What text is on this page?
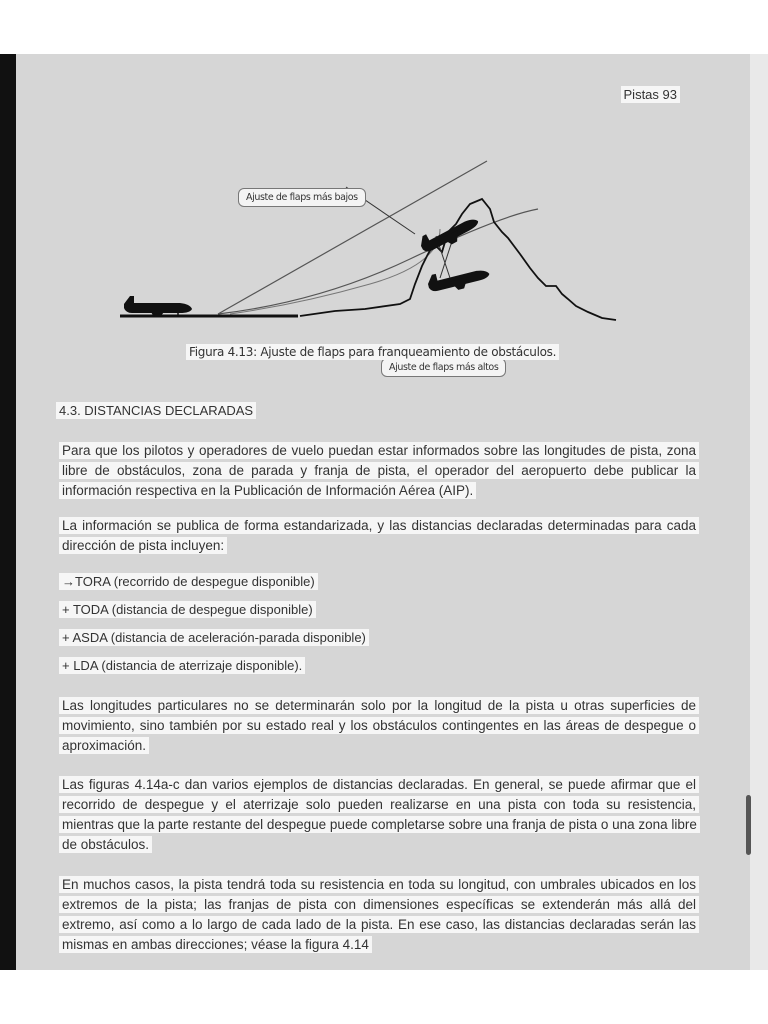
Pistas 93
Ajuste de flaps más bajos
Ajuste de flaps más altos
Figura 4.13: Ajuste de flaps para franqueamiento de obstáculos.
4.3. DISTANCIAS DECLARADAS
Para que los pilotos y operadores de vuelo puedan estar informados sobre las longitudes de pista, zona libre de obstáculos, zona de parada y franja de pista, el operador del aeropuerto debe publicar la información respectiva en la Publicación de Información Aérea (AIP).
La información se publica de forma estandarizada, y las distancias declaradas determinadas para cada dirección de pista incluyen:
→TORA (recorrido de despegue disponible)
+ TODA (distancia de despegue disponible)
+ ASDA (distancia de aceleración-parada disponible)
+ LDA (distancia de aterrizaje disponible).
Las longitudes particulares no se determinarán solo por la longitud de la pista u otras superficies de movimiento, sino también por su estado real y los obstáculos contingentes en las áreas de despegue o aproximación.
Las figuras 4.14a-c dan varios ejemplos de distancias declaradas. En general, se puede afirmar que el recorrido de despegue y el aterrizaje solo pueden realizarse en una pista con toda su resistencia, mientras que la parte restante del despegue puede completarse sobre una franja de pista o una zona libre de obstáculos.
En muchos casos, la pista tendrá toda su resistencia en toda su longitud, con umbrales ubicados en los extremos de la pista; las franjas de pista con dimensiones específicas se extenderán más allá del extremo, así como a lo largo de cada lado de la pista. En ese caso, las distancias declaradas serán las mismas en ambas direcciones; véase la figura 4.14
